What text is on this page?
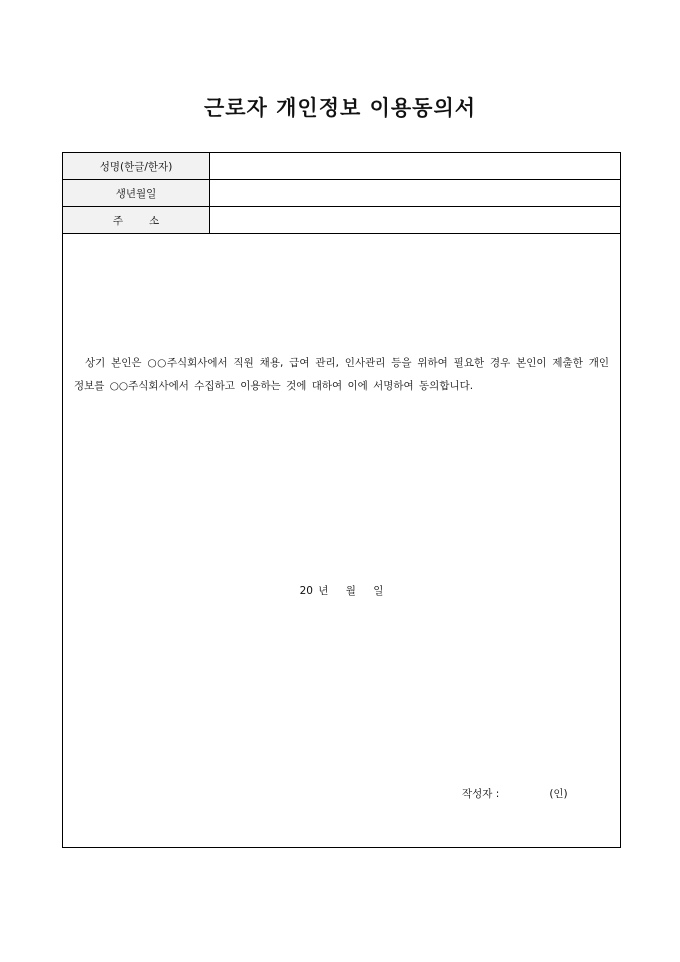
근로자 개인정보 이용동의서
성명(한글/한자)	
생년월일	
주 소	
상기 본인은 ○○주식회사에서 직원 채용, 급여 관리, 인사관리 등을 위하여 필요한 경우 본인이 제출한 개인정보를 ○○주식회사에서 수집하고 이용하는 것에 대하여 이에 서명하여 동의합니다.
20 년 월 일
작성자 :	(인)
